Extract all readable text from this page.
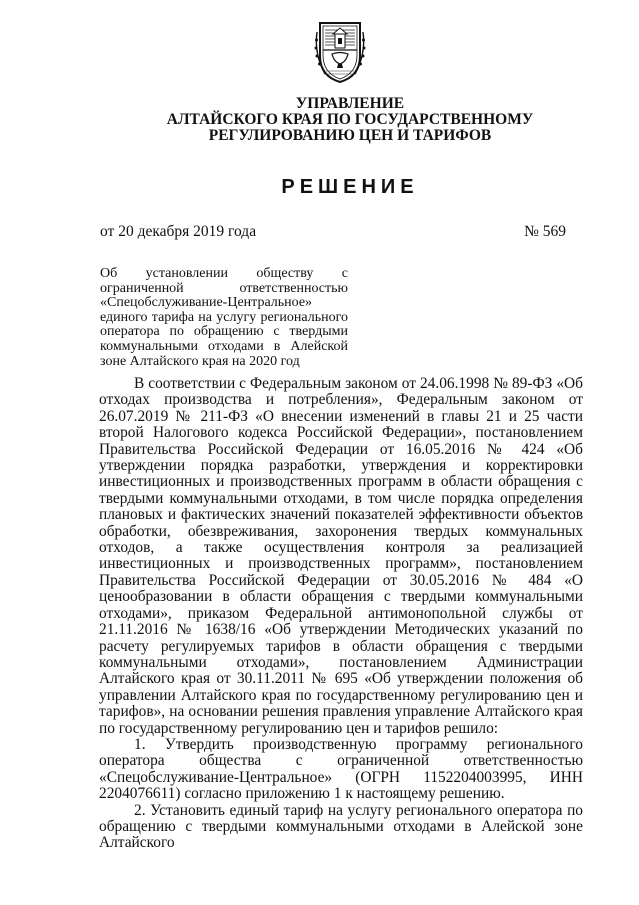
УПРАВЛЕНИЕ
АЛТАЙСКОГО КРАЯ ПО ГОСУДАРСТВЕННОМУ
РЕГУЛИРОВАНИЮ ЦЕН И ТАРИФОВ
РЕШЕНИЕ
от 20 декабря 2019 года	№ 569
Об установлении обществу с ограниченной ответственностью «Спецобслуживание-Центральное» единого тарифа на услугу регионального оператора по обращению с твердыми коммунальными отходами в Алейской зоне Алтайского края на 2020 год

В соответствии с Федеральным законом от 24.06.1998 № 89-ФЗ «Об отходах производства и потребления», Федеральным законом от 26.07.2019 № 211-ФЗ «О внесении изменений в главы 21 и 25 части второй Налогового кодекса Российской Федерации», постановлением Правительства Российской Федерации от 16.05.2016 № 424 «Об утверждении порядка разработки, утверждения и корректировки инвестиционных и производственных программ в области обращения с твердыми коммунальными отходами, в том числе порядка определения плановых и фактических значений показателей эффективности объектов обработки, обезвреживания, захоронения твердых коммунальных отходов, а также осуществления контроля за реализацией инвестиционных и производственных программ», постановлением Правительства Российской Федерации от 30.05.2016 № 484 «О ценообразовании в области обращения с твердыми коммунальными отходами», приказом Федеральной антимонопольной службы от 21.11.2016 № 1638/16 «Об утверждении Методических указаний по расчету регулируемых тарифов в области обращения с твердыми коммунальными отходами», постановлением Администрации Алтайского края от 30.11.2011 № 695 «Об утверждении положения об управлении Алтайского края по государственному регулированию цен и тарифов», на основании решения правления управление Алтайского края по государственному регулированию цен и тарифов решило:

1. Утвердить производственную программу регионального оператора общества с ограниченной ответственностью «Спецобслуживание-Центральное» (ОГРН 1152204003995, ИНН 2204076611) согласно приложению 1 к настоящему решению.

2. Установить единый тариф на услугу регионального оператора по обращению с твердыми коммунальными отходами в Алейской зоне Алтайского
